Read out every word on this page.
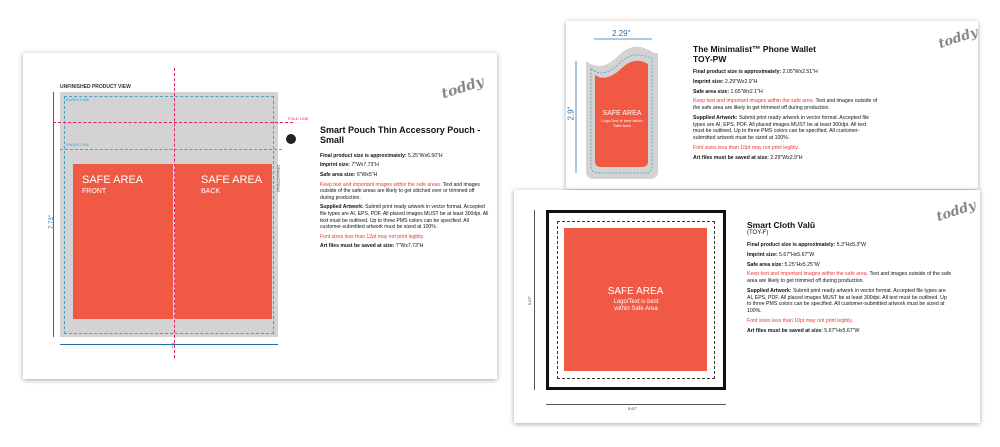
UNFINISHED PRODUCT VIEW
BLEED LINE
FINISH LINE
FOLD LINE
DRAWSTRING
SAFE AREA
FRONT
SAFE AREA
BACK
7.73"
7"
toddy
Smart Pouch Thin Accessory Pouch - Small

Final product size is approximately: 5.25"Wx6.50"H

Imprint size: 7"Wx7.73"H

Safe area size: 6"Wx5"H

Keep text and important images within the safe areas. Text and images outside of the safe areas are likely to get stitched over or trimmed off during production.

Supplied Artwork: Submit print ready artwork in vector format. Accepted file types are AI, EPS, PDF. All placed images MUST be at least 300dpi. All text must be outlined. Up to three PMS colors can be specified. All customer-submitted artwork must be sized at 100%.

Font sizes less than 12pt may not print legibly.

Art files must be saved at size: 7"Wx7.73"H

2.29"
2.9"	SAFE AREA
Logo/Text is best within Safe Area
toddy
The Minimalist™ Phone Wallet
TOY-PW

Final product size is approximately: 2.05"Wx2.51"H

Imprint size: 2.29"Wx2.9"H

Safe area size: 1.65"Wx2.1"H

Keep text and important images within the safe area. Text and images outside of the safe area are likely to get trimmed off during production.

Supplied Artwork: Submit print ready artwork in vector format. Accepted file types are AI, EPS, PDF. All placed images MUST be at least 300dpi. All text must be outlined. Up to three PMS colors can be specified. All customer-submitted artwork must be sized at 100%.

Font sizes less than 10pt may not print legibly.

Art files must be saved at size: 2.29"Wx2.9"H

SAFE AREA
Logo/Text is best within Safe Area
5.67"
5.67"
toddy
Smart Cloth Valū
(TOY-F)

Final product size is approximately: 5.3"Hx5.3"W

Imprint size: 5.67"Hx5.67"W

Safe area size: 5.25"Hx5.25"W

Keep text and important images within the safe area. Text and images outside of the safe area are likely to get trimmed off during production.

Supplied Artwork: Submit print ready artwork in vector format. Accepted file types are AI, EPS, PDF. All placed images MUST be at least 300dpi. All text must be outlined. Up to three PMS colors can be specified. All customer-submitted artwork must be sized at 100%.

Font sizes less than 10pt may not print legibly.

Art files must be saved at size: 5.67"Hx5.67"W
